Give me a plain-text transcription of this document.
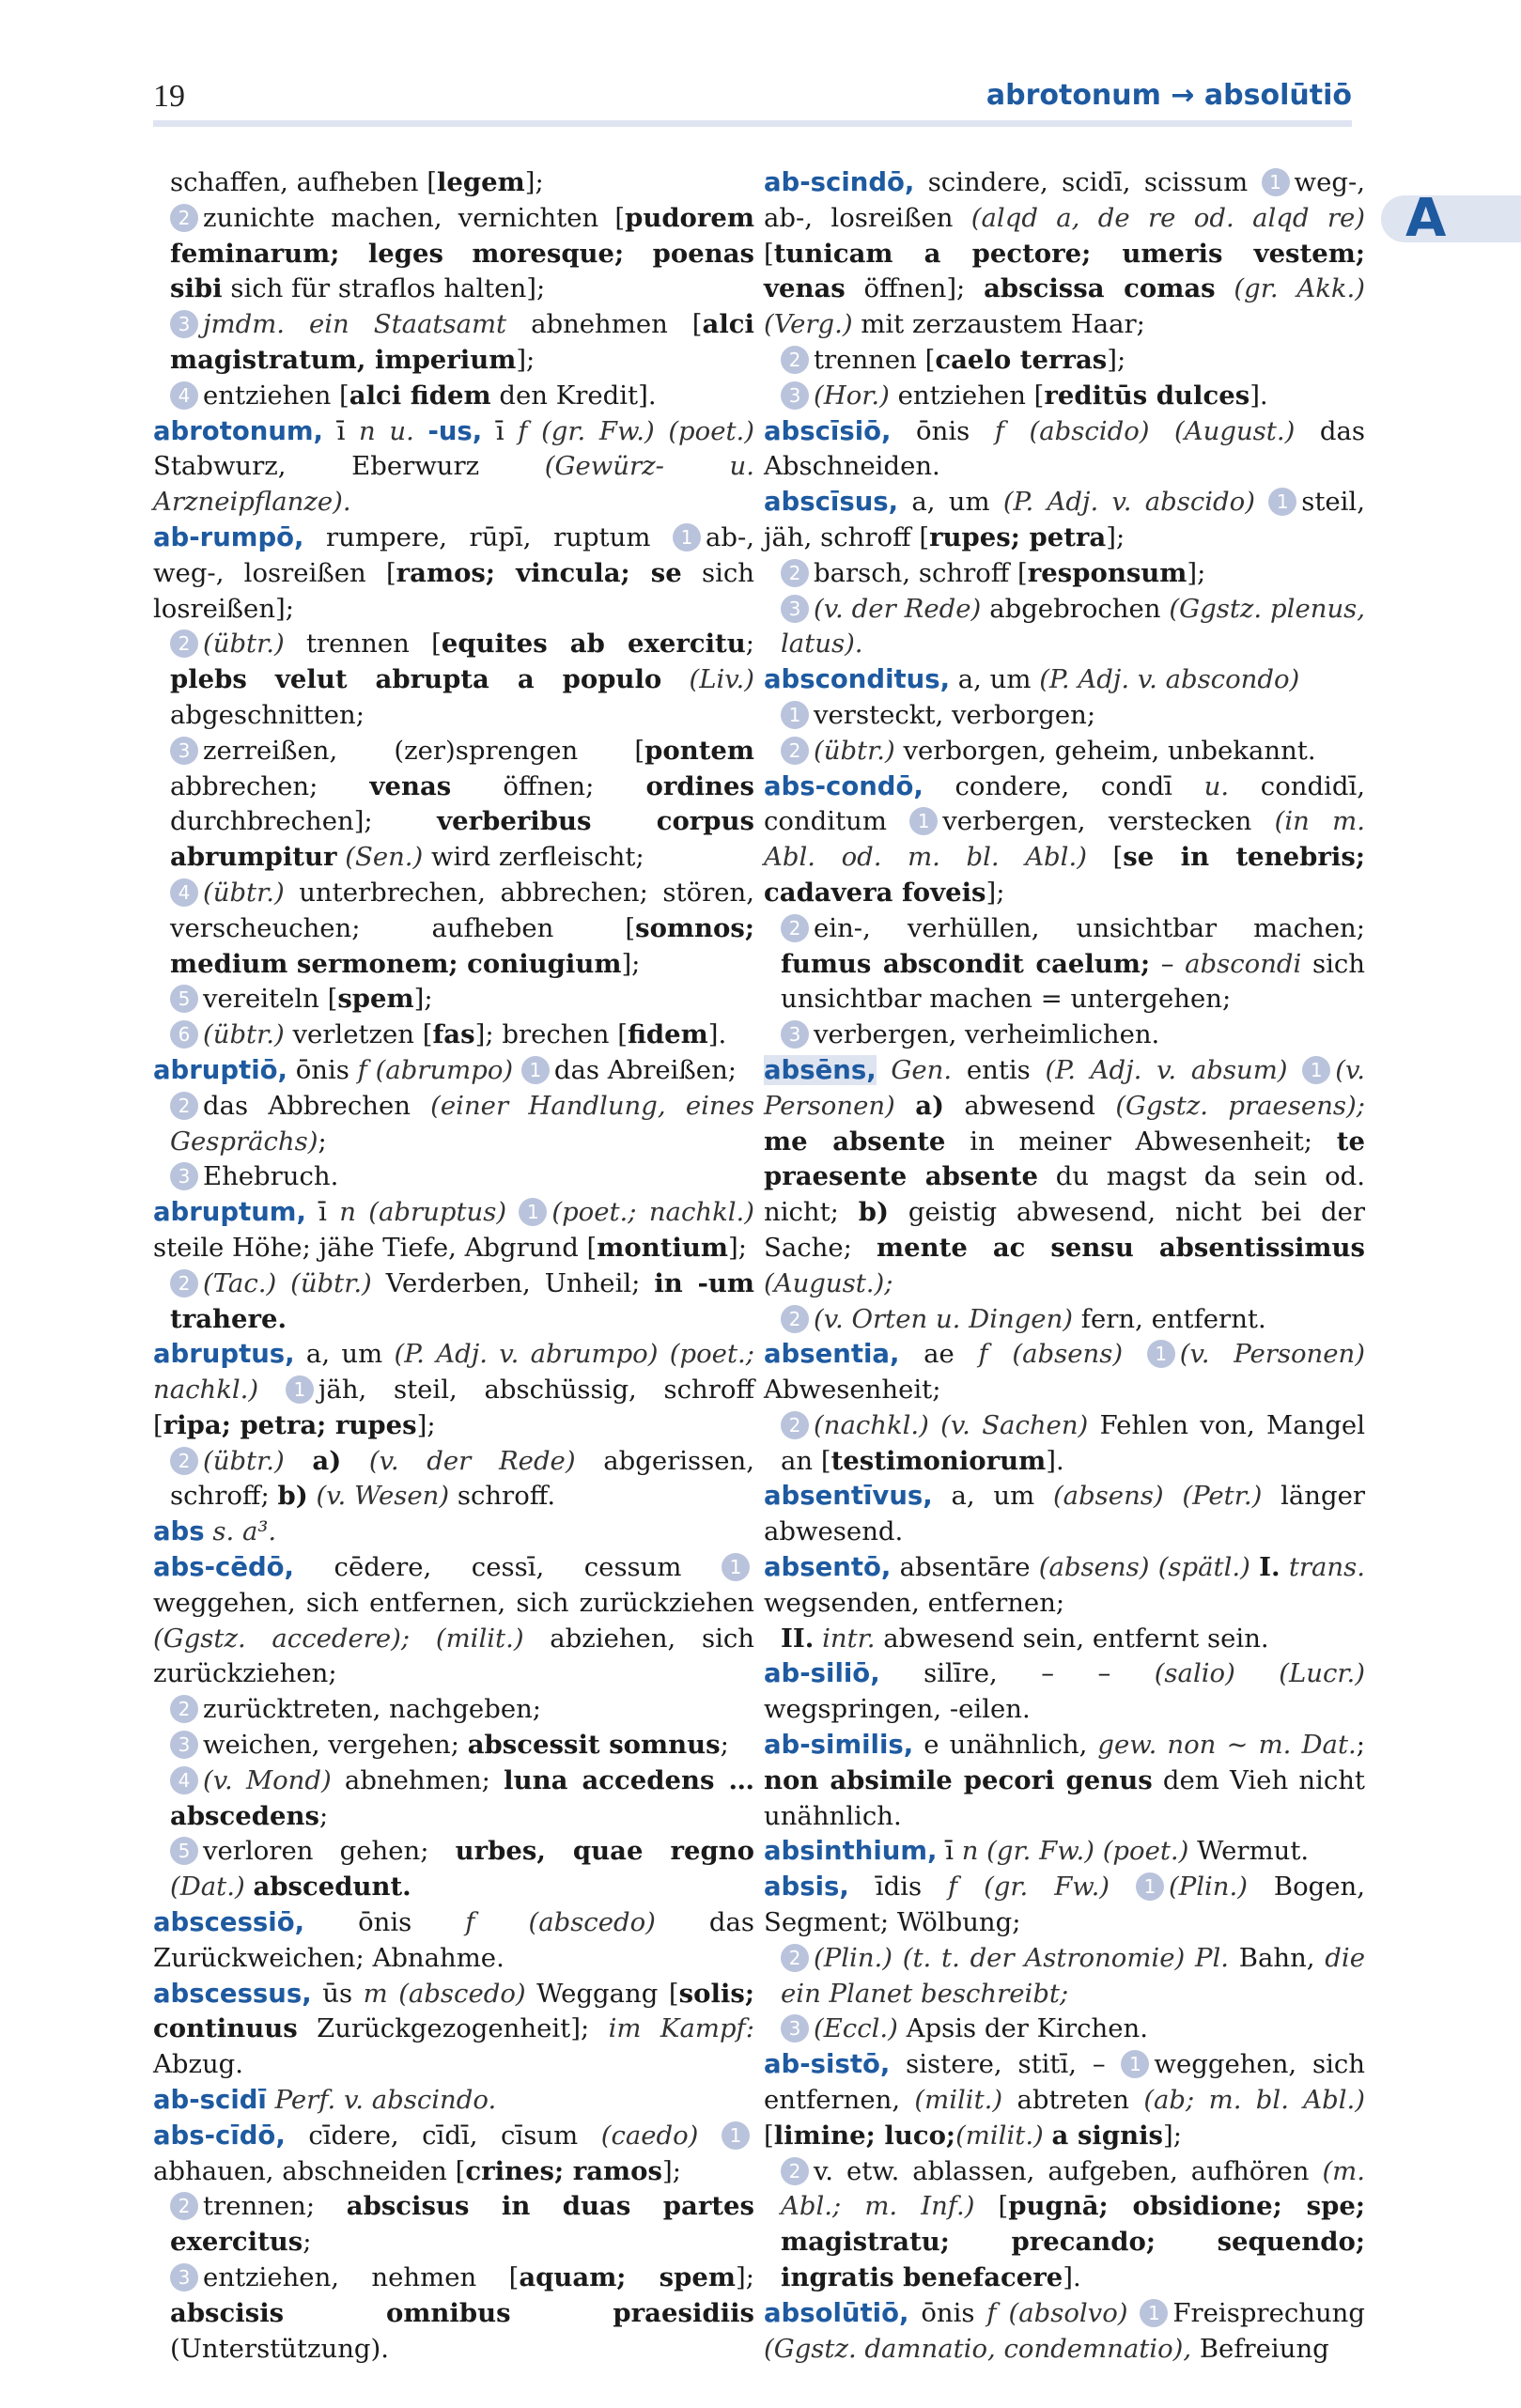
19	abrotonum → absolūtiō
A
schaffen, aufheben [legem];
2 zunichte machen, vernichten [pudorem feminarum; leges moresque; poenas sibi sich für straflos halten];
3 jmdm. ein Staatsamt abnehmen [alci magistratum, imperium];
4 entziehen [alci fidem den Kredit].
abrotonum, ī n u. -us, ī f (gr. Fw.) (poet.) Stabwurz, Eberwurz (Gewürz- u. Arzneipflanze).
ab-rumpō, rumpere, rūpī, ruptum 1 ab-, weg-, losreißen [ramos; vincula; se sich losreißen];
2 (übtr.) trennen [equites ab exercitu; plebs velut abrupta a populo (Liv.) abgeschnitten;
3 zerreißen, (zer)sprengen [pontem abbrechen; venas öffnen; ordines durchbrechen]; verberibus corpus abrumpitur (Sen.) wird zerfleischt;
4 (übtr.) unterbrechen, abbrechen; stören, verscheuchen; aufheben [somnos; medium sermonem; coniugium];
5 vereiteln [spem];
6 (übtr.) verletzen [fas]; brechen [fidem].
abruptiō, ōnis f (abrumpo) 1 das Abreißen;
2 das Abbrechen (einer Handlung, eines Gesprächs);
3 Ehebruch.
abruptum, ī n (abruptus) 1 (poet.; nachkl.) steile Höhe; jähe Tiefe, Abgrund [montium];
2 (Tac.) (übtr.) Verderben, Unheil; in -um trahere.
abruptus, a, um (P. Adj. v. abrumpo) (poet.; nachkl.) 1 jäh, steil, abschüssig, schroff [ripa; petra; rupes];
2 (übtr.) a) (v. der Rede) abgerissen, schroff; b) (v. Wesen) schroff.
abs s. a³.
abs-cēdō, cēdere, cessī, cessum 1weggehen, sich entfernen, sich zurückziehen (Ggstz. accedere); (milit.) abziehen, sich zurückziehen;
2 zurücktreten, nachgeben;
3 weichen, vergehen; abscessit somnus;
4 (v. Mond) abnehmen; luna accedens … abscedens;
5 verloren gehen; urbes, quae regno (Dat.) abscedunt.
abscessiō, ōnis f (abscedo) das Zurückweichen; Abnahme.
abscessus, ūs m (abscedo) Weggang [solis; continuus Zurückgezogenheit]; im Kampf: Abzug.
ab-scidī Perf. v. abscindo.
abs-cīdō, cīdere, cīdī, cīsum (caedo) 1abhauen, abschneiden [crines; ramos];
2 trennen; abscisus in duas partes exercitus;
3 entziehen, nehmen [aquam; spem]; abscisis omnibus praesidiis (Unterstützung).
ab-scindō, scindere, scidī, scissum 1 weg-, ab-, losreißen (alqd a, de re od. alqd re) [tunicam a pectore; umeris vestem; venas öffnen]; abscissa comas (gr. Akk.) (Verg.) mit zerzaustem Haar;
2 trennen [caelo terras];
3 (Hor.) entziehen [reditūs dulces].
abscīsiō, ōnis f (abscido) (August.) das Abschneiden.
abscīsus, a, um (P. Adj. v. abscido) 1 steil, jäh, schroff [rupes; petra];
2 barsch, schroff [responsum];
3 (v. der Rede) abgebrochen (Ggstz. plenus, latus).
absconditus, a, um (P. Adj. v. abscondo)
1 versteckt, verborgen;
2 (übtr.) verborgen, geheim, unbekannt.
abs-condō, condere, condī u. condidī, conditum 1 verbergen, verstecken (in m. Abl. od. m. bl. Abl.) [se in tenebris; cadavera foveis];
2 ein-, verhüllen, unsichtbar machen; fumus abscondit caelum; – abscondi sich unsichtbar machen = untergehen;
3 verbergen, verheimlichen.
absēns, Gen. entis (P. Adj. v. absum) 1 (v. Personen) a) abwesend (Ggstz. praesens); me absente in meiner Abwesenheit; te praesente absente du magst da sein od. nicht; b) geistig abwesend, nicht bei der Sache; mente ac sensu absentissimus (August.);
2 (v. Orten u. Dingen) fern, entfernt.
absentia, ae f (absens) 1 (v. Personen) Abwesenheit;
2 (nachkl.) (v. Sachen) Fehlen von, Mangel an [testimoniorum].
absentīvus, a, um (absens) (Petr.) länger abwesend.
absentō, absentāre (absens) (spätl.) I. trans. wegsenden, entfernen;
II. intr. abwesend sein, entfernt sein.
ab-siliō, silīre, – – (salio) (Lucr.) wegspringen, -eilen.
ab-similis, e unähnlich, gew. non ~ m. Dat.; non absimile pecori genus dem Vieh nicht unähnlich.
absinthium, ī n (gr. Fw.) (poet.) Wermut.
absis, īdis f (gr. Fw.) 1 (Plin.) Bogen, Segment; Wölbung;
2 (Plin.) (t. t. der Astronomie) Pl. Bahn, die ein Planet beschreibt;
3 (Eccl.) Apsis der Kirchen.
ab-sistō, sistere, stitī, – 1 weggehen, sich entfernen, (milit.) abtreten (ab; m. bl. Abl.) [limine; luco;(milit.) a signis];
2 v. etw. ablassen, aufgeben, aufhören (m. Abl.; m. Inf.) [pugnā; obsidione; spe; magistratu; precando; sequendo; ingratis benefacere].
absolūtiō, ōnis f (absolvo) 1 Freisprechung (Ggstz. damnatio, condemnatio), Befreiung
